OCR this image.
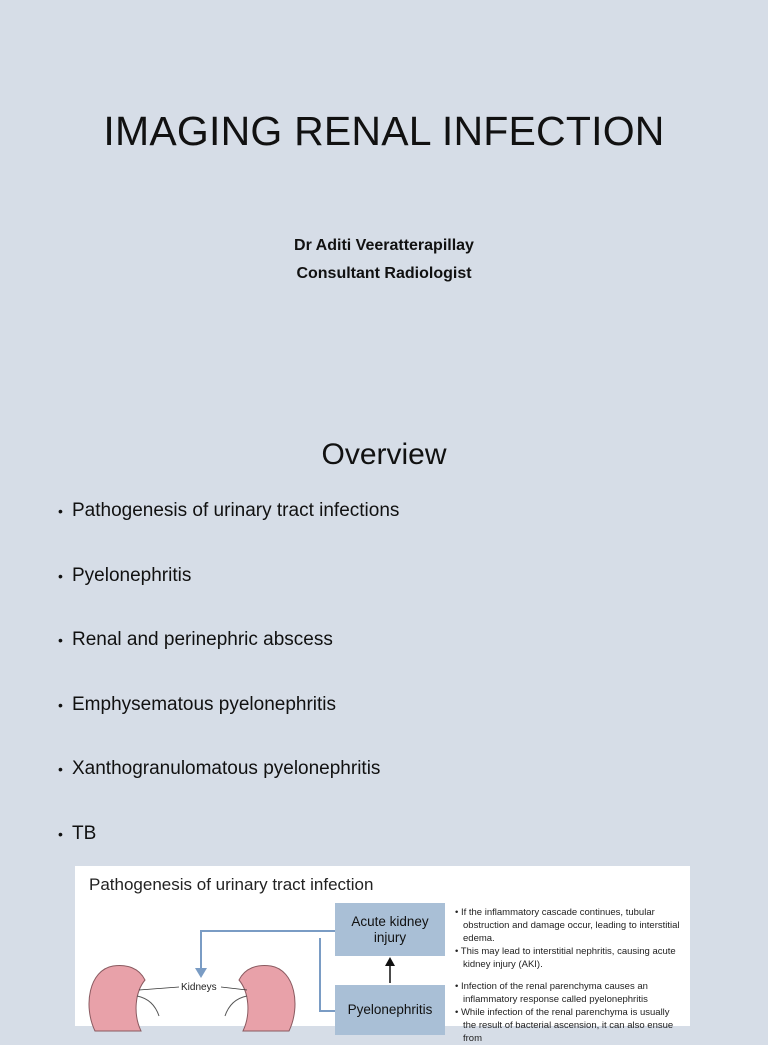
IMAGING RENAL INFECTION
Dr Aditi Veeratterapillay
Consultant Radiologist
Overview
• Pathogenesis of urinary tract infections
• Pyelonephritis
• Renal and perinephric abscess
• Emphysematous pyelonephritis
• Xanthogranulomatous pyelonephritis
• TB
Pathogenesis of urinary tract infection
Kidneys
Acute kidney injury
Pyelonephritis

• If the inflammatory cascade continues, tubular obstruction and damage occur, leading to interstitial edema.

• This may lead to interstitial nephritis, causing acute kidney injury (AKI).

• Infection of the renal parenchyma causes an inflammatory response called pyelonephritis

• While infection of the renal parenchyma is usually the result of bacterial ascension, it can also ensue from
